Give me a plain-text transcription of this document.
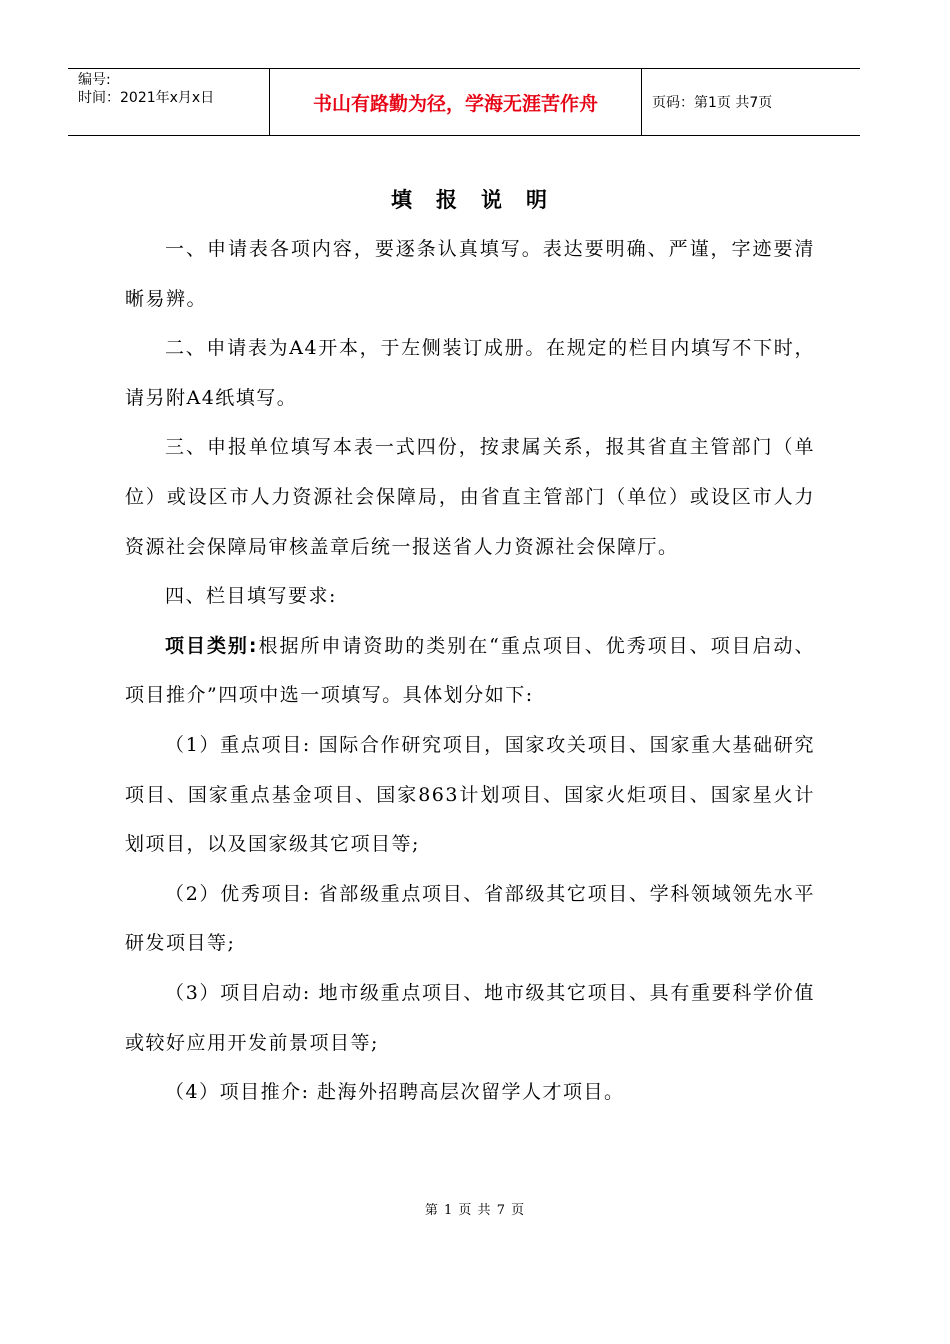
编号:
时间：2021年x月x日	书山有路勤为径，学海无涯苦作舟	页码：第1页 共7页
填报说明

一、申请表各项内容，要逐条认真填写。表达要明确、严谨，字迹要清晰易辨。

二、申请表为A4开本，于左侧装订成册。在规定的栏目内填写不下时，请另附A4纸填写。

三、申报单位填写本表一式四份，按隶属关系，报其省直主管部门（单位）或设区市人力资源社会保障局，由省直主管部门（单位）或设区市人力资源社会保障局审核盖章后统一报送省人力资源社会保障厅。

四、栏目填写要求:

项目类别:根据所申请资助的类别在“重点项目、优秀项目、项目启动、项目推介”四项中选一项填写。具体划分如下:

（1）重点项目: 国际合作研究项目，国家攻关项目、国家重大基础研究项目、国家重点基金项目、国家863计划项目、国家火炬项目、国家星火计划项目，以及国家级其它项目等;

（2）优秀项目: 省部级重点项目、省部级其它项目、学科领域领先水平研发项目等;

（3）项目启动: 地市级重点项目、地市级其它项目、具有重要科学价值或较好应用开发前景项目等;

（4）项目推介: 赴海外招聘高层次留学人才项目。

第 1 页 共 7 页
